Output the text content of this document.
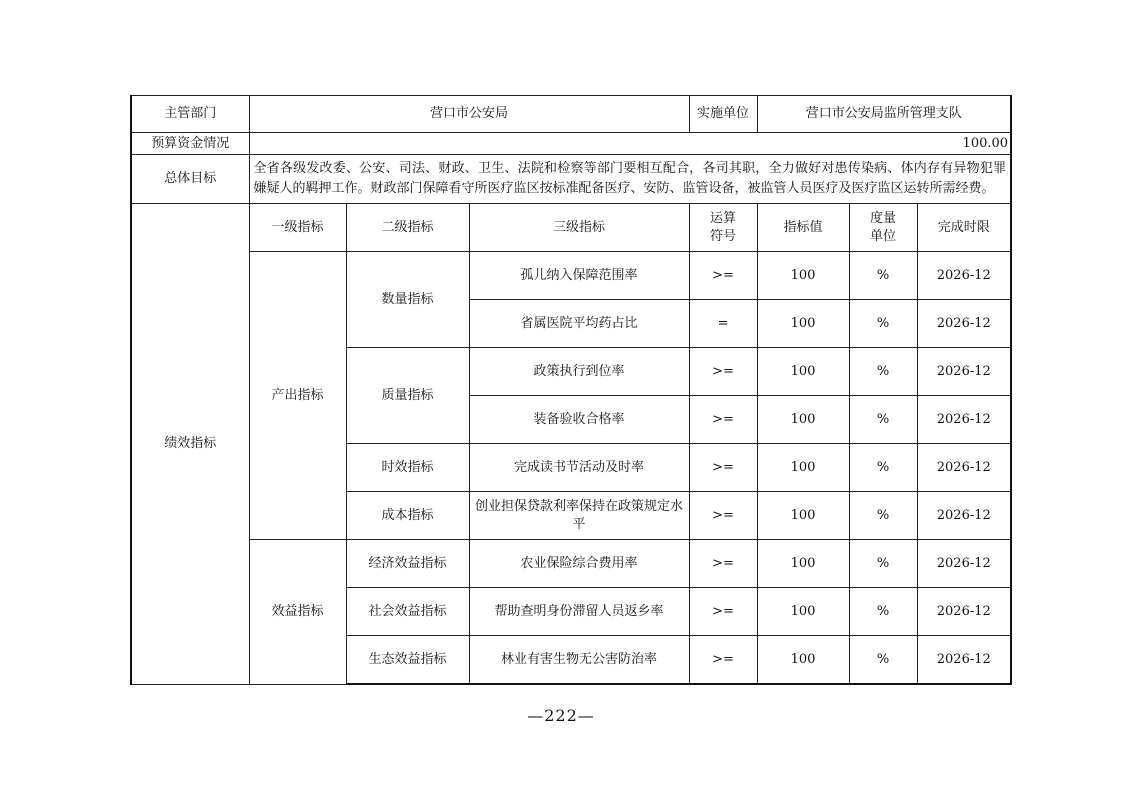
主管部门	营口市公安局			实施单位	营口市公安局监所管理支队		
预算资金情况	100.00						
总体目标	全省各级发改委、公安、司法、财政、卫生、法院和检察等部门要相互配合，各司其职，全力做好对患传染病、体内存有异物犯罪嫌疑人的羁押工作。财政部门保障看守所医疗监区按标准配备医疗、安防、监管设备，被监管人员医疗及医疗监区运转所需经费。						
绩效指标	一级指标	二级指标	三级指标	运算符号	指标值	度量单位	完成时限
	产出指标	数量指标	孤儿纳入保障范围率	>=	100	%	2026-12
			省属医院平均药占比	=	100	%	2026-12
		质量指标	政策执行到位率	>=	100	%	2026-12
			装备验收合格率	>=	100	%	2026-12
		时效指标	完成读书节活动及时率	>=	100	%	2026-12
		成本指标	创业担保贷款利率保持在政策规定水平	>=	100	%	2026-12
	效益指标	经济效益指标	农业保险综合费用率	>=	100	%	2026-12
		社会效益指标	帮助查明身份滞留人员返乡率	>=	100	%	2026-12
		生态效益指标	林业有害生物无公害防治率	>=	100	%	2026-12
—222—
